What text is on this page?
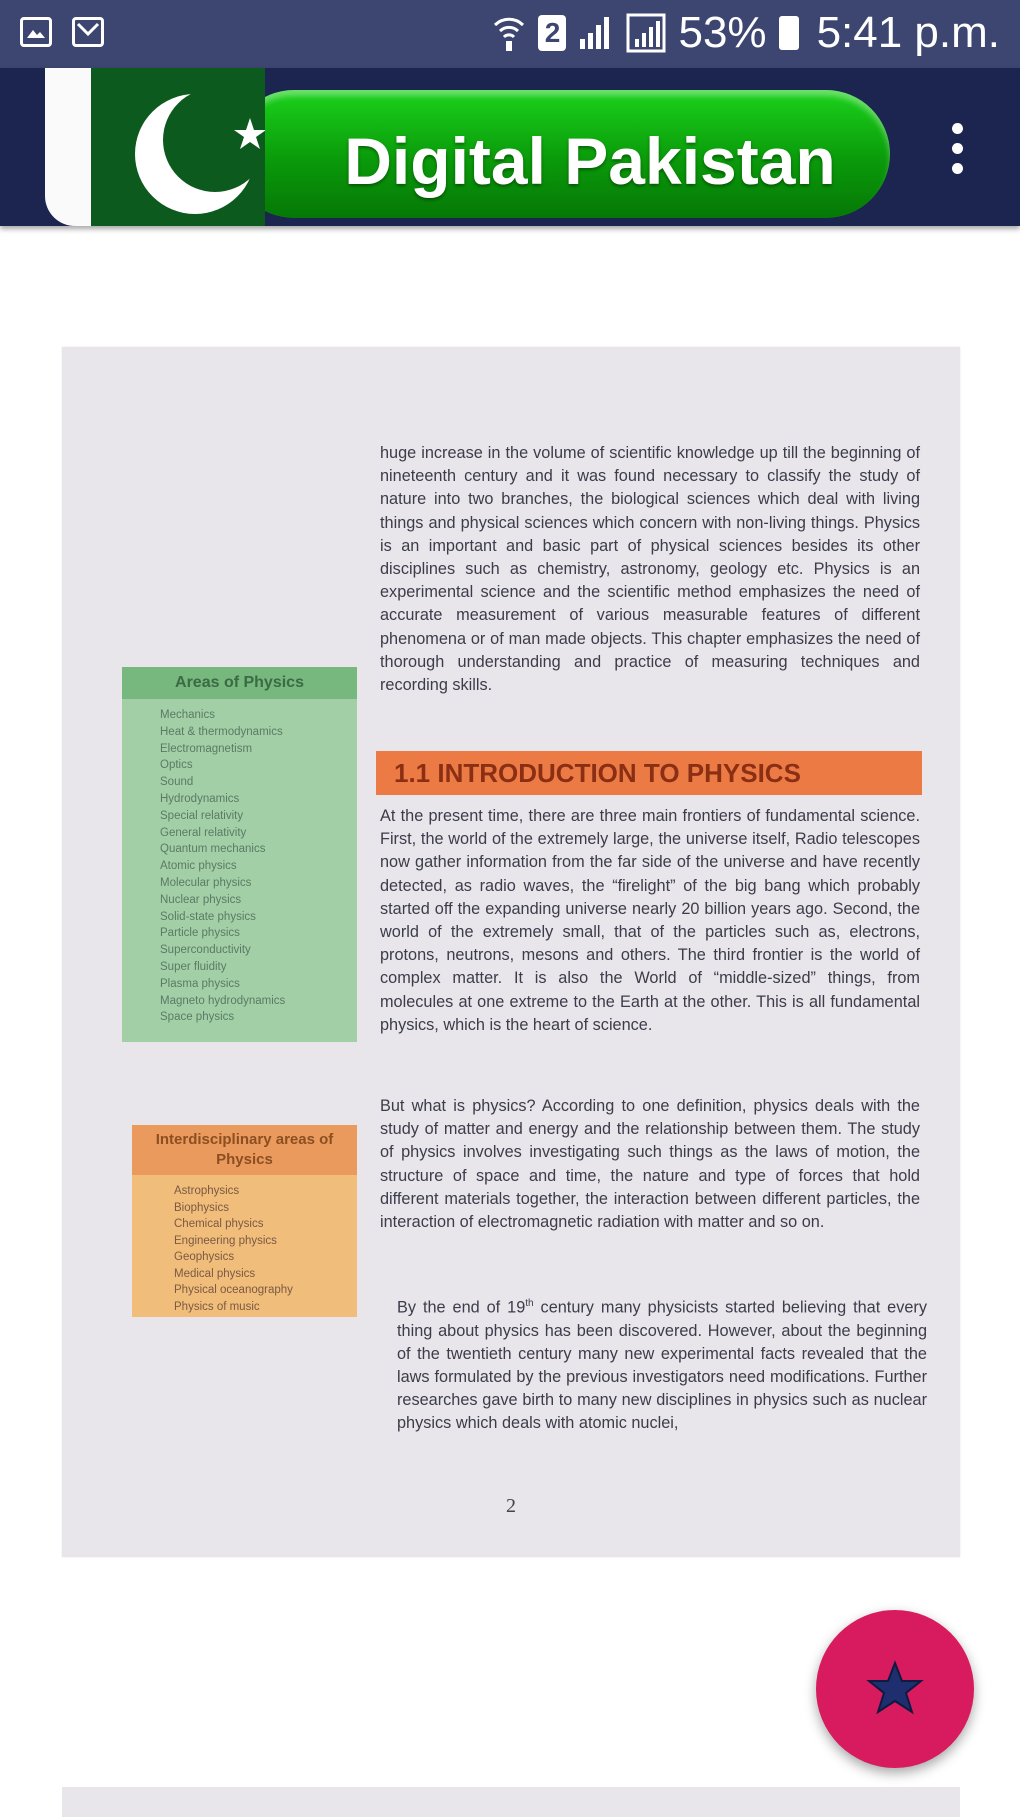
2	53% 5:41 p.m.
Digital Pakistan
Areas of Physics
Mechanics
Heat & thermodynamics
Electromagnetism
Optics
Sound
Hydrodynamics
Special relativity
General relativity
Quantum mechanics
Atomic physics
Molecular physics
Nuclear physics
Solid-state physics
Particle physics
Superconductivity
Super fluidity
Plasma physics
Magneto hydrodynamics
Space physics
Interdisciplinary areas of Physics
Astrophysics
Biophysics
Chemical physics
Engineering physics
Geophysics
Medical physics
Physical oceanography
Physics of music
huge increase in the volume of scientific knowledge up till the beginning of nineteenth century and it was found necessary to classify the study of nature into two branches, the biological sciences which deal with living things and physical sciences which concern with non-living things. Physics is an important and basic part of physical sciences besides its other disciplines such as chemistry, astronomy, geology etc. Physics is an experimental science and the scientific method emphasizes the need of accurate measurement of various measurable features of different phenomena or of man made objects. This chapter emphasizes the need of thorough understanding and practice of measuring techniques and recording skills.
1.1 INTRODUCTION TO PHYSICS
At the present time, there are three main frontiers of fundamental science. First, the world of the extremely large, the universe itself, Radio telescopes now gather information from the far side of the universe and have recently detected, as radio waves, the “firelight” of the big bang which probably started off the expanding universe nearly 20 billion years ago. Second, the world of the extremely small, that of the particles such as, electrons, protons, neutrons, mesons and others. The third frontier is the world of complex matter. It is also the World of “middle-sized” things, from molecules at one extreme to the Earth at the other. This is all fundamental physics, which is the heart of science.
But what is physics? According to one definition, physics deals with the study of matter and energy and the relationship between them. The study of physics involves investigating such things as the laws of motion, the structure of space and time, the nature and type of forces that hold different materials together, the interaction between different particles, the interaction of electromagnetic radiation with matter and so on.
By the end of 19th century many physicists started believing that every thing about physics has been discovered. However, about the beginning of the twentieth century many new experimental facts revealed that the laws formulated by the previous investigators need modifications. Further researches gave birth to many new disciplines in physics such as nuclear physics which deals with atomic nuclei,
2
